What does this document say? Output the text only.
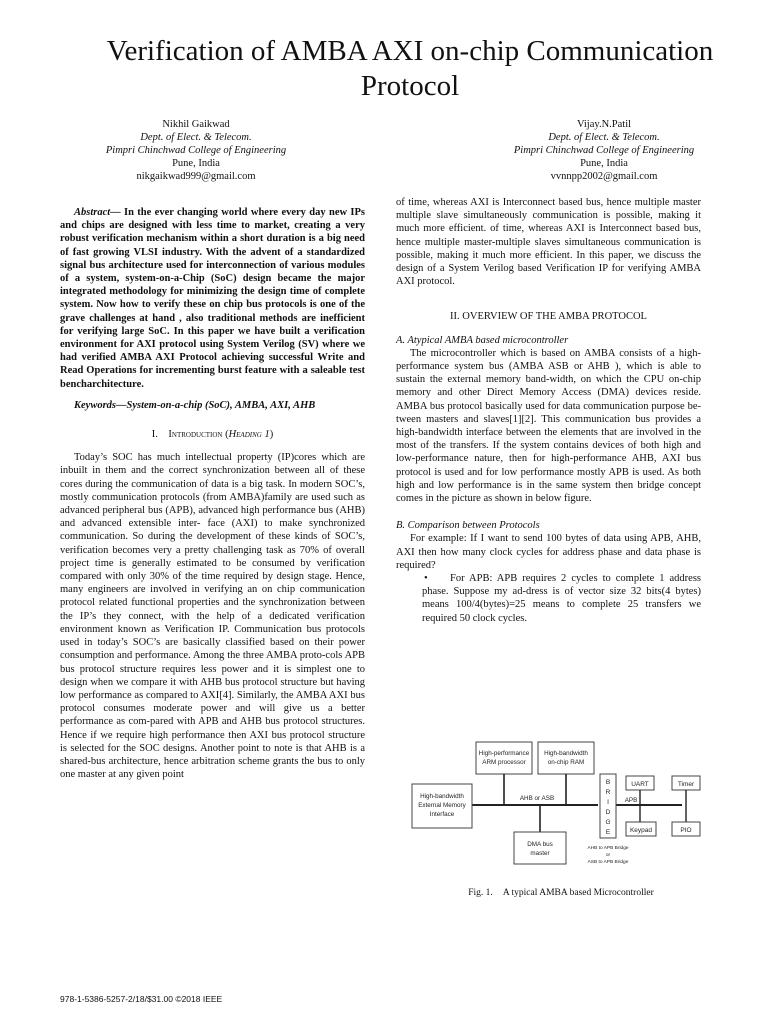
Verification of AMBA AXI on-chip Communication Protocol
Nikhil Gaikwad
Dept. of Elect. & Telecom.
Pimpri Chinchwad College of Engineering
Pune, India
nikgaikwad999@gmail.com
Vijay.N.Patil
Dept. of Elect. & Telecom.
Pimpri Chinchwad College of Engineering
Pune, India
vvnnpp2002@gmail.com

Abstract— In the ever changing world where every day new IPs and chips are designed with less time to market, creating a very robust verification mechanism within a short duration is a big need of fast growing VLSI industry. With the advent of a standardized signal bus architecture used for interconnection of various modules of a system, system-on-a-Chip (SoC) design became the major integrated methodology for minimizing the design time of complete system. Now how to verify these on chip bus protocols is one of the grave challenges at hand , also traditional methods are inefficient for verifying large SoC. In this paper we have built a verification environment for AXI protocol using System Verilog (SV) where we had verified AMBA AXI Protocol achieving successful Write and Read Operations for incrementing burst feature with a saleable test bencharchitecture.

Keywords—System-on-a-chip (SoC), AMBA, AXI, AHB

I. Introduction (Heading 1)

Today’s SOC has much intellectual property (IP)cores which are inbuilt in them and the correct synchronization between all of these cores during the communication of data is a big task. In modern SOC’s, mostly communication protocols (from AMBA)family are used such as advanced peripheral bus (APB), advanced high performance bus (AHB) and advanced extensible inter- face (AXI) to make synchronized communication. So during the development of these kinds of SOC’s, verification becomes very a pretty challenging task as 70% of overall project time is generally estimated to be consumed by verification compared with only 30% of the time required by design stage. Hence, many engineers are involved in verifying an on chip communication protocol related functional properties and the synchronization between the IP’s they connect, with the help of a dedicated verification environment known as Verification IP. Communication bus protocols used in today’s SOC’s are basically classified based on their power consumption and performance. Among the three AMBA proto-cols APB bus protocol structure requires less power and it is simplest one to design when we compare it with AHB bus protocol structure but having low performance as compared to AXI[4]. Similarly, the AMBA AXI bus protocol consumes moderate power and will give us a better performance as com-pared with APB and AHB bus protocol structures. Hence if we require high performance then AXI bus protocol structure is selected for the SOC designs. Another point to note is that AHB is a shared-bus architecture, hence arbitration scheme grants the bus to only one master at any given point

of time, whereas AXI is Interconnect based bus, hence multiple master multiple slave simultaneously communication is possible, making it much more efficient. of time, whereas AXI is Interconnect based bus, hence multiple master-multiple slaves simultaneous communication is possible, making it much more efficient. In this paper, we discuss the design of a System Verilog based Verification IP for verifying AMBA AXI protocol.

II. OVERVIEW OF THE AMBA PROTOCOL

A. Atypical AMBA based microcontroller

The microcontroller which is based on AMBA consists of a high-performance system bus (AMBA ASB or AHB ), which is able to sustain the external memory band-width, on which the CPU on-chip memory and other Direct Memory Access (DMA) devices reside. AMBA bus protocol basically used for data communication purpose be-tween masters and slaves[1][2]. This communication bus provides a high-bandwidth interface between the elements that are involved in the most of the transfers. If the system contains devices of both high and low-performance nature, then for high-performance AHB, AXI bus protocol is used and for low performance mostly APB is used. As both high and low performance is in the same system then bridge concept comes in the picture as shown in below figure.

B. Comparison between Protocols

For example: If I want to send 100 bytes of data using APB, AHB, AXI then how many clock cycles for address phase and data phase is required?

• For APB: APB requires 2 cycles to complete 1 address phase. Suppose my ad-dress is of vector size 32 bits(4 bytes) means 100/4(bytes)=25 means to complete 25 transfers we required 50 clock cycles.

High-performance
ARM processor
High-bandwidth
on-chip RAM
High-bandwidth
External Memory
Interface
AHB or ASB
B
R
I
D
G
E
APB
UART	Timer
Keypad	PIO
DMA bus
master
AHB to APB Bridge
or
ASB to APB Bridge
Fig. 1. A typical AMBA based Microcontroller
978-1-5386-5257-2/18/$31.00 ©2018 IEEE
